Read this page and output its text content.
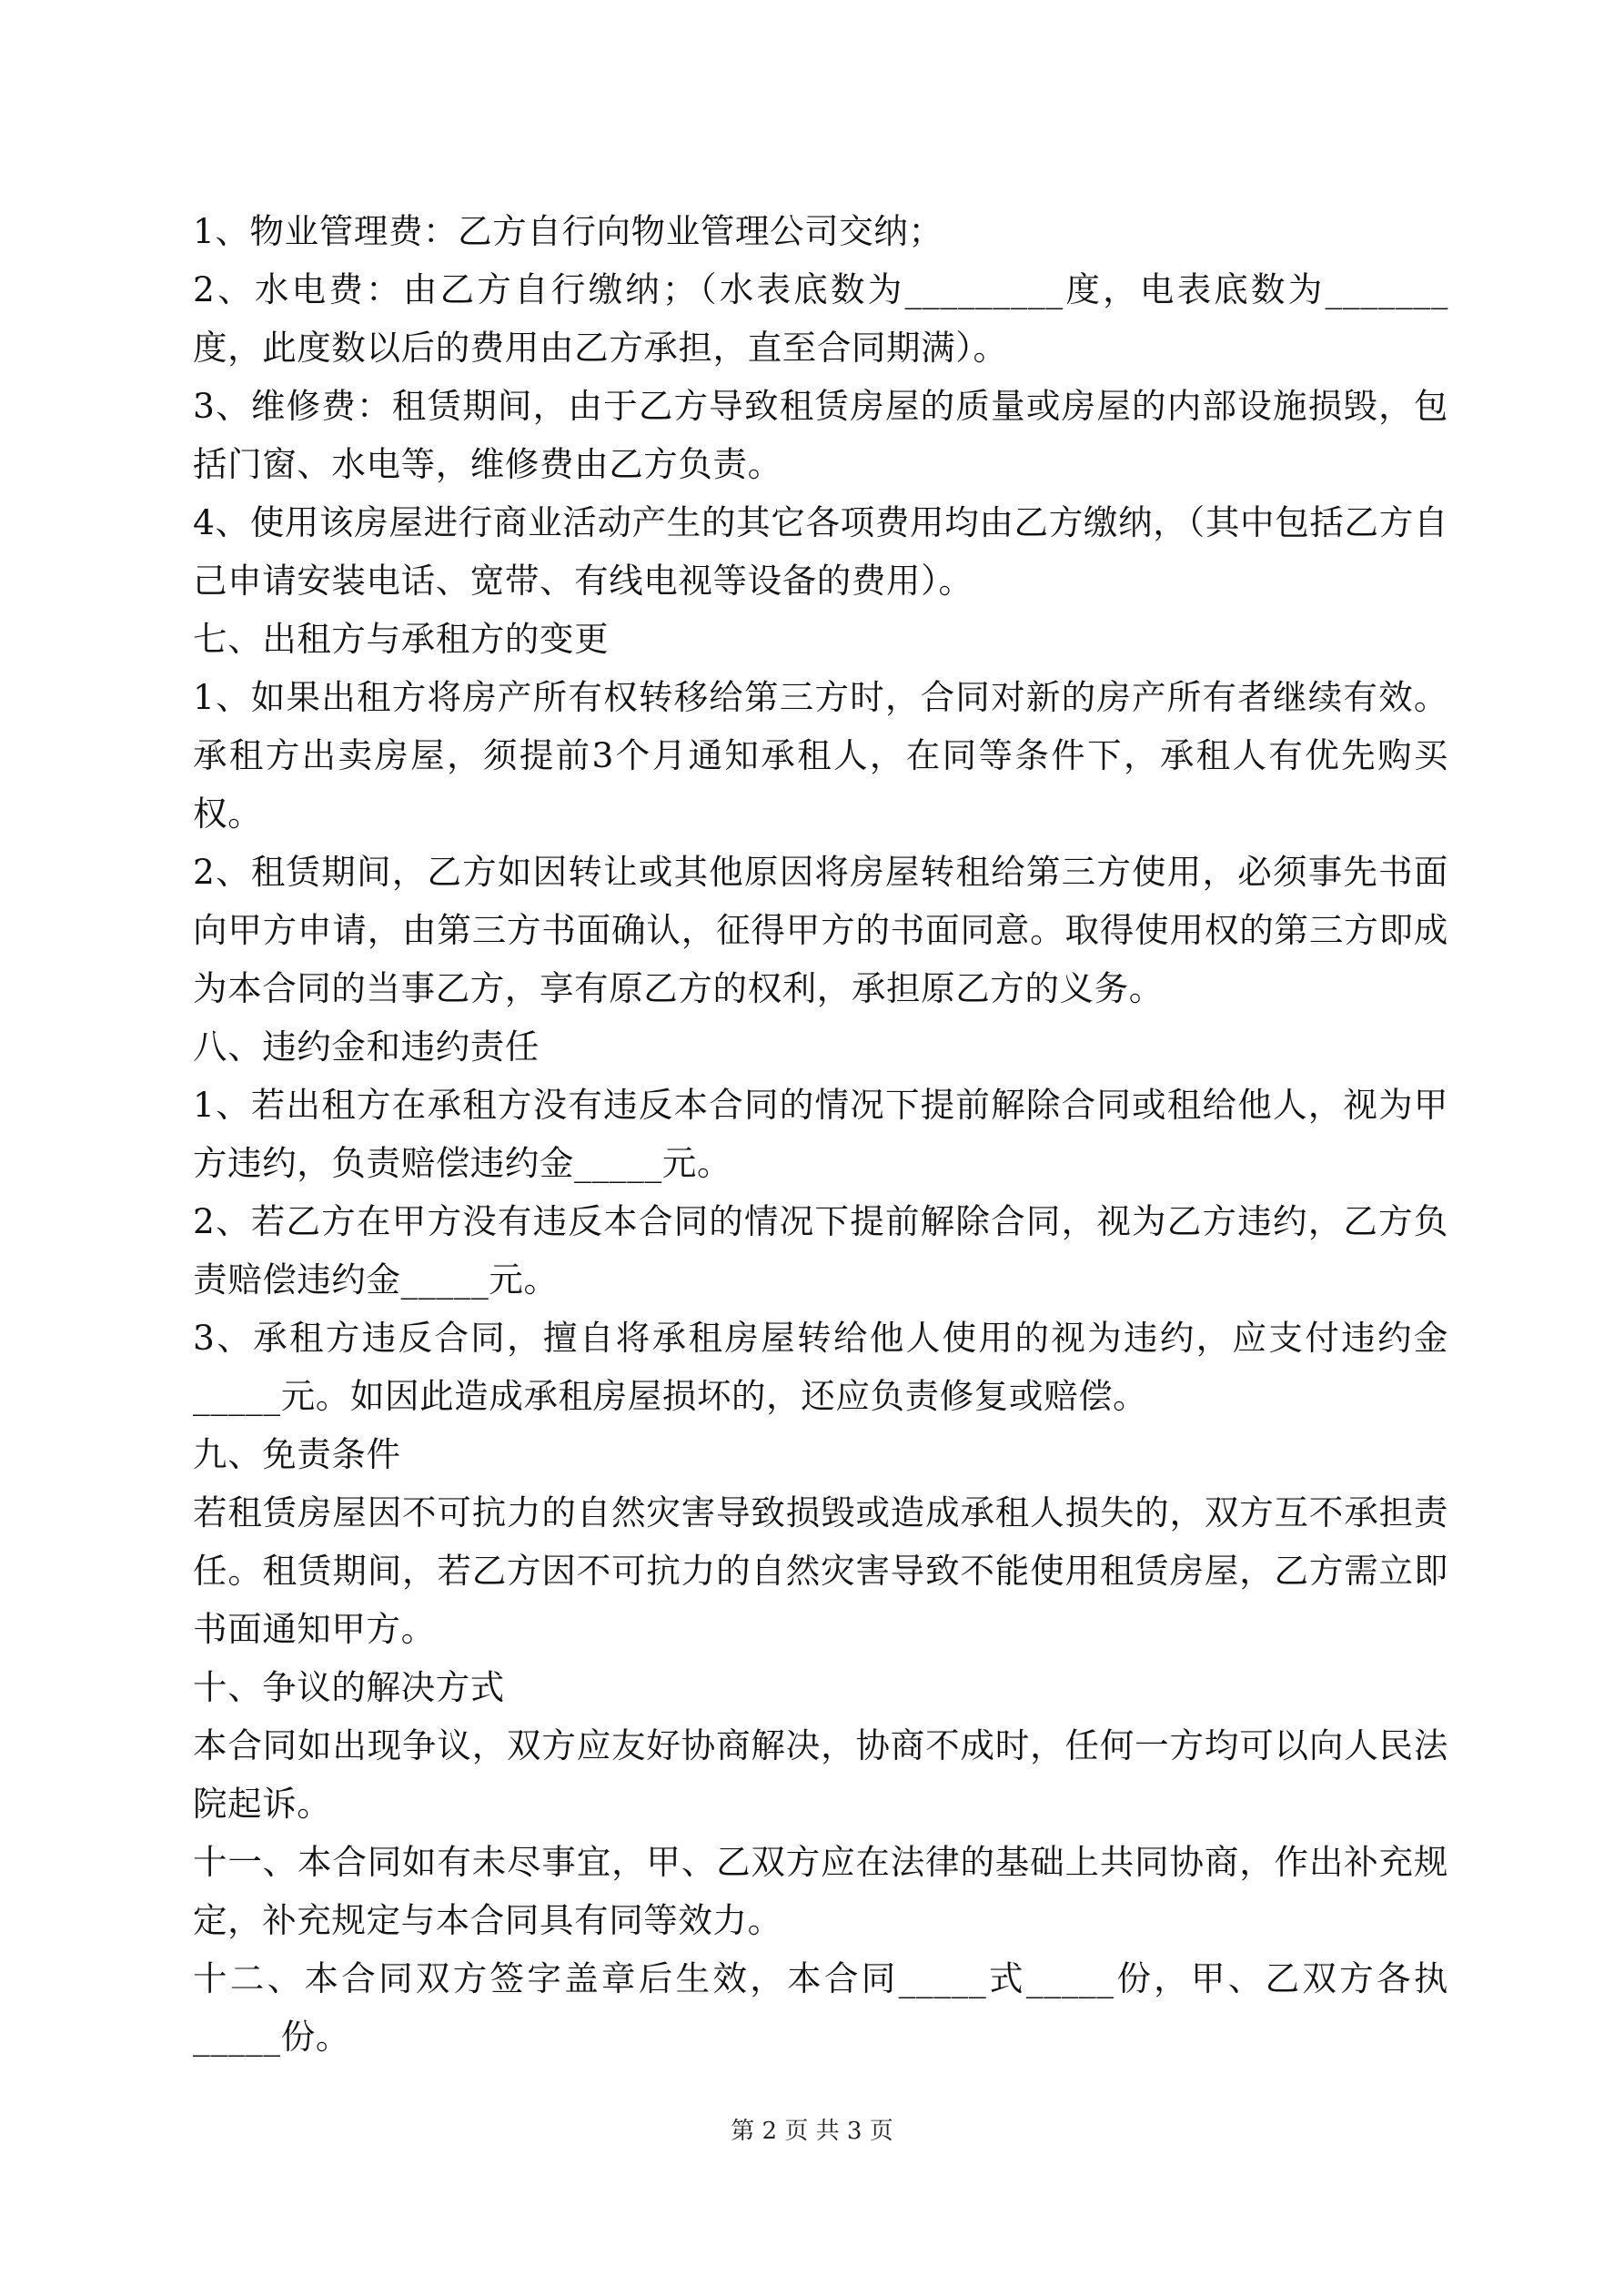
1、物业管理费：乙方自行向物业管理公司交纳；

2、水电费：由乙方自行缴纳；（水表底数为_________度，电表底数为_______度，此度数以后的费用由乙方承担，直至合同期满）。

3、维修费：租赁期间，由于乙方导致租赁房屋的质量或房屋的内部设施损毁，包括门窗、水电等，维修费由乙方负责。

4、使用该房屋进行商业活动产生的其它各项费用均由乙方缴纳，（其中包括乙方自己申请安装电话、宽带、有线电视等设备的费用）。

七、出租方与承租方的变更

1、如果出租方将房产所有权转移给第三方时，合同对新的房产所有者继续有效。承租方出卖房屋，须提前3个月通知承租人，在同等条件下，承租人有优先购买权。

2、租赁期间，乙方如因转让或其他原因将房屋转租给第三方使用，必须事先书面向甲方申请，由第三方书面确认，征得甲方的书面同意。取得使用权的第三方即成为本合同的当事乙方，享有原乙方的权利，承担原乙方的义务。

八、违约金和违约责任

1、若出租方在承租方没有违反本合同的情况下提前解除合同或租给他人，视为甲方违约，负责赔偿违约金_____元。

2、若乙方在甲方没有违反本合同的情况下提前解除合同，视为乙方违约，乙方负责赔偿违约金_____元。

3、承租方违反合同，擅自将承租房屋转给他人使用的视为违约，应支付违约金_____元。如因此造成承租房屋损坏的，还应负责修复或赔偿。

九、免责条件

若租赁房屋因不可抗力的自然灾害导致损毁或造成承租人损失的，双方互不承担责任。租赁期间，若乙方因不可抗力的自然灾害导致不能使用租赁房屋，乙方需立即书面通知甲方。

十、争议的解决方式

本合同如出现争议，双方应友好协商解决，协商不成时，任何一方均可以向人民法院起诉。

十一、本合同如有未尽事宜，甲、乙双方应在法律的基础上共同协商，作出补充规定，补充规定与本合同具有同等效力。

十二、本合同双方签字盖章后生效，本合同_____式_____份，甲、乙双方各执_____份。

第 2 页 共 3 页
